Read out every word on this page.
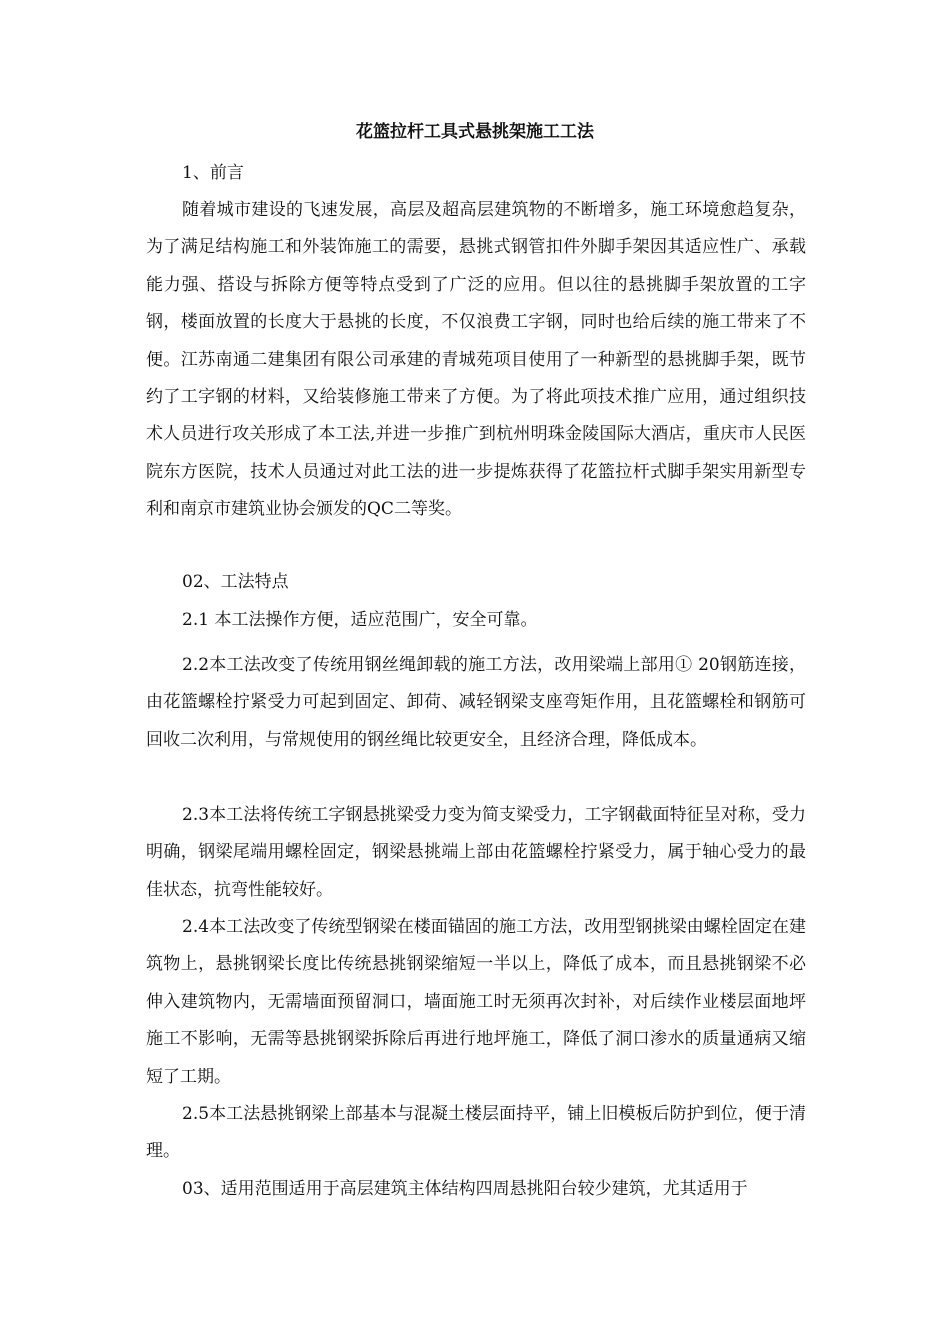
花篮拉杆工具式悬挑架施工工法

1、前言

随着城市建设的飞速发展，高层及超高层建筑物的不断增多，施工环境愈趋复杂，为了满足结构施工和外装饰施工的需要，悬挑式钢管扣件外脚手架因其适应性广、承载能力强、搭设与拆除方便等特点受到了广泛的应用。但以往的悬挑脚手架放置的工字钢，楼面放置的长度大于悬挑的长度，不仅浪费工字钢，同时也给后续的施工带来了不便。江苏南通二建集团有限公司承建的青城苑项目使用了一种新型的悬挑脚手架，既节约了工字钢的材料，又给装修施工带来了方便。为了将此项技术推广应用，通过组织技术人员进行攻关形成了本工法,并进一步推广到杭州明珠金陵国际大酒店，重庆市人民医院东方医院，技术人员通过对此工法的进一步提炼获得了花篮拉杆式脚手架实用新型专利和南京市建筑业协会颁发的QC二等奖。

02、工法特点

2.1 本工法操作方便，适应范围广，安全可靠。

2.2本工法改变了传统用钢丝绳卸载的施工方法，改用梁端上部用① 20钢筋连接，由花篮螺栓拧紧受力可起到固定、卸荷、减轻钢梁支座弯矩作用，且花篮螺栓和钢筋可回收二次利用，与常规使用的钢丝绳比较更安全，且经济合理，降低成本。

2.3本工法将传统工字钢悬挑梁受力变为简支梁受力，工字钢截面特征呈对称，受力明确，钢梁尾端用螺栓固定，钢梁悬挑端上部由花篮螺栓拧紧受力，属于轴心受力的最佳状态，抗弯性能较好。

2.4本工法改变了传统型钢梁在楼面锚固的施工方法，改用型钢挑梁由螺栓固定在建筑物上，悬挑钢梁长度比传统悬挑钢梁缩短一半以上，降低了成本，而且悬挑钢梁不必伸入建筑物内，无需墙面预留洞口，墙面施工时无须再次封补，对后续作业楼层面地坪施工不影响，无需等悬挑钢梁拆除后再进行地坪施工，降低了洞口渗水的质量通病又缩短了工期。

2.5本工法悬挑钢梁上部基本与混凝土楼层面持平，铺上旧模板后防护到位，便于清理。

03、适用范围适用于高层建筑主体结构四周悬挑阳台较少建筑，尤其适用于
